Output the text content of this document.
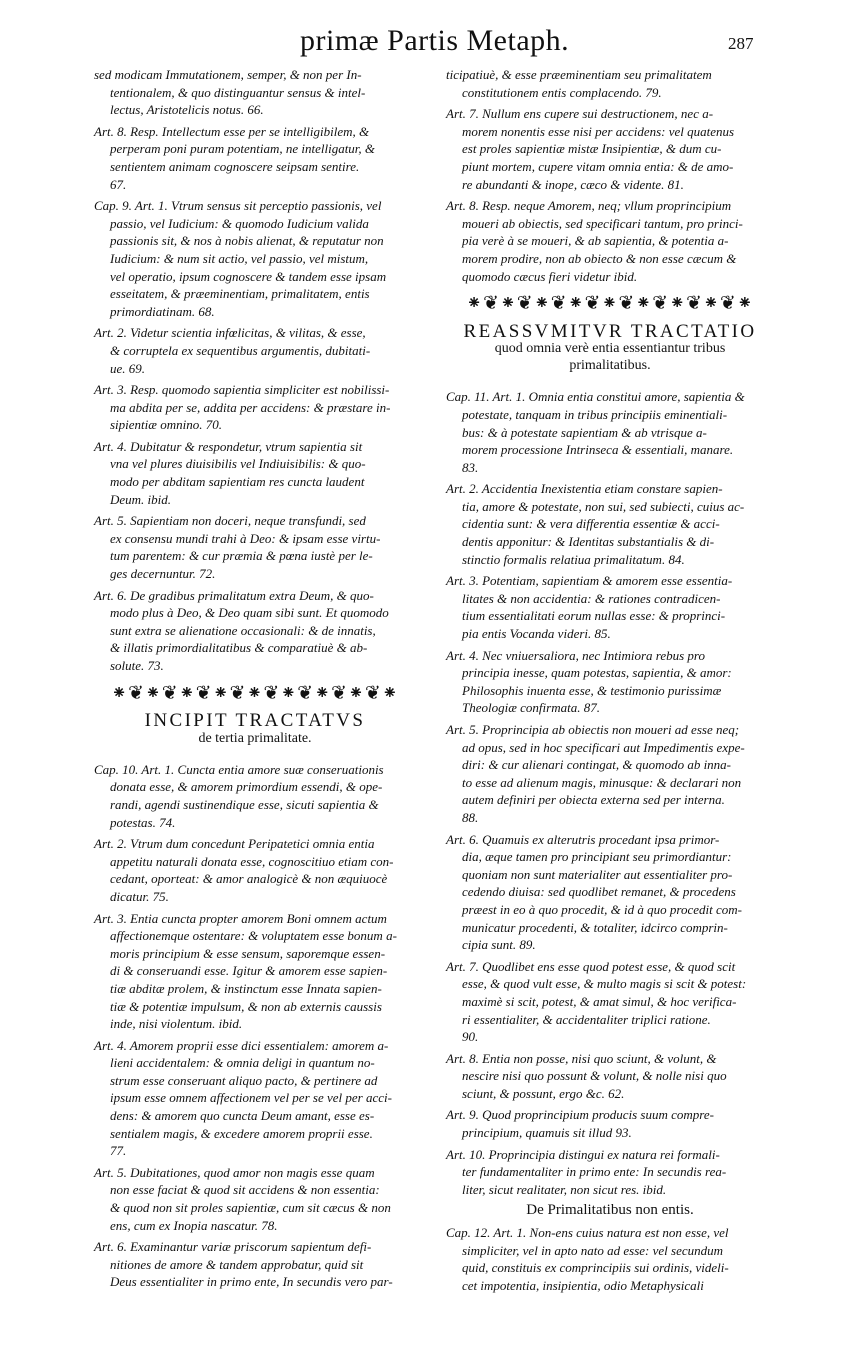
primæ Partis Metaph.	287

sed modicam Immutationem, semper, & non per In-
tentionalem, & quo distinguantur sensus & intel-
lectus, Aristotelicis notus. 66.

Art. 8. Resp. Intellectum esse per se intelligibilem, &
perperam poni puram potentiam, ne intelligatur, &
sentientem animam cognoscere seipsam sentire.
67.

Cap. 9. Art. 1. Vtrum sensus sit perceptio passionis, vel
passio, vel Iudicium: & quomodo Iudicium valida
passionis sit, & nos à nobis alienat, & reputatur non
Iudicium: & num sit actio, vel passio, vel mistum,
vel operatio, ipsum cognoscere & tandem esse ipsam
esseitatem, & præeminentiam, primalitatem, entis
primordiatinam. 68.

Art. 2. Videtur scientia infœlicitas, & vilitas, & esse,
& corruptela ex sequentibus argumentis, dubitati-
ue. 69.

Art. 3. Resp. quomodo sapientia simpliciter est nobilissi-
ma abdita per se, addita per accidens: & præstare in-
sipientiæ omnino. 70.

Art. 4. Dubitatur & respondetur, vtrum sapientia sit
vna vel plures diuisibilis vel Indiuisibilis: & quo-
modo per abditam sapientiam res cuncta laudent
Deum. ibid.

Art. 5. Sapientiam non doceri, neque transfundi, sed
ex consensu mundi trahi à Deo: & ipsam esse virtu-
tum parentem: & cur præmia & pœna iustè per le-
ges decernuntur. 72.

Art. 6. De gradibus primalitatum extra Deum, & quo-
modo plus à Deo, & Deo quam sibi sunt. Et quomodo
sunt extra se alienatione occasionali: & de innatis,
& illatis primordialitatibus & comparatiuè & ab-
solute. 73.

⁕❦⁕❦⁕❦⁕❦⁕❦⁕❦⁕❦⁕❦⁕
INCIPIT TRACTATVS
de tertia primalitate.

Cap. 10. Art. 1. Cuncta entia amore suæ conseruationis
donata esse, & amorem primordium essendi, & ope-
randi, agendi sustinendique esse, sicuti sapientia &
potestas. 74.

Art. 2. Vtrum dum concedunt Peripatetici omnia entia
appetitu naturali donata esse, cognoscitiuo etiam con-
cedant, oporteat: & amor analogicè & non æquiuocè
dicatur. 75.

Art. 3. Entia cuncta propter amorem Boni omnem actum
affectionemque ostentare: & voluptatem esse bonum a-
moris principium & esse sensum, saporemque essen-
di & conseruandi esse. Igitur & amorem esse sapien-
tiæ abditæ prolem, & instinctum esse Innata sapien-
tiæ & potentiæ impulsum, & non ab externis caussis
inde, nisi violentum. ibid.

Art. 4. Amorem proprii esse dici essentialem: amorem a-
lieni accidentalem: & omnia deligi in quantum no-
strum esse conseruant aliquo pacto, & pertinere ad
ipsum esse omnem affectionem vel per se vel per acci-
dens: & amorem quo cuncta Deum amant, esse es-
sentialem magis, & excedere amorem proprii esse.
77.

Art. 5. Dubitationes, quod amor non magis esse quam
non esse faciat & quod sit accidens & non essentia:
& quod non sit proles sapientiæ, cum sit cæcus & non
ens, cum ex Inopia nascatur. 78.

Art. 6. Examinantur variæ priscorum sapientum defi-
nitiones de amore & tandem approbatur, quid sit
Deus essentialiter in primo ente, In secundis vero par-

ticipatiuè, & esse præeminentiam seu primalitatem
constitutionem entis complacendo. 79.

Art. 7. Nullum ens cupere sui destructionem, nec a-
morem nonentis esse nisi per accidens: vel quatenus
est proles sapientiæ mistæ Insipientiæ, & dum cu-
piunt mortem, cupere vitam omnia entia: & de amo-
re abundanti & inope, cæco & vidente. 81.

Art. 8. Resp. neque Amorem, neq; vllum proprincipium
moueri ab obiectis, sed specificari tantum, pro princi-
pia verè à se moueri, & ab sapientia, & potentia a-
morem prodire, non ab obiecto & non esse cæcum &
quomodo cæcus fieri videtur ibid.

⁕❦⁕❦⁕❦⁕❦⁕❦⁕❦⁕❦⁕❦⁕
REASSVMITVR TRACTATIO
quod omnia verè entia essentiantur tribus
primalitatibus.

Cap. 11. Art. 1. Omnia entia constitui amore, sapientia &
potestate, tanquam in tribus principiis eminentiali-
bus: & à potestate sapientiam & ab vtrisque a-
morem processione Intrinseca & essentiali, manare.
83.

Art. 2. Accidentia Inexistentia etiam constare sapien-
tia, amore & potestate, non sui, sed subiecti, cuius ac-
cidentia sunt: & vera differentia essentiæ & acci-
dentis apponitur: & Identitas substantialis & di-
stinctio formalis relatiua primalitatum. 84.

Art. 3. Potentiam, sapientiam & amorem esse essentia-
litates & non accidentia: & rationes contradicen-
tium essentialitati eorum nullas esse: & proprinci-
pia entis Vocanda videri. 85.

Art. 4. Nec vniuersaliora, nec Intimiora rebus pro
principia inesse, quam potestas, sapientia, & amor:
Philosophis inuenta esse, & testimonio purissimæ
Theologiæ confirmata. 87.

Art. 5. Proprincipia ab obiectis non moueri ad esse neq;
ad opus, sed in hoc specificari aut Impedimentis expe-
diri: & cur alienari contingat, & quomodo ab inna-
to esse ad alienum magis, minusque: & declarari non
autem definiri per obiecta externa sed per interna.
88.

Art. 6. Quamuis ex alterutris procedant ipsa primor-
dia, æque tamen pro principiant seu primordiantur:
quoniam non sunt materialiter aut essentialiter pro-
cedendo diuisa: sed quodlibet remanet, & procedens
præest in eo à quo procedit, & id à quo procedit com-
municatur procedenti, & totaliter, idcirco comprin-
cipia sunt. 89.

Art. 7. Quodlibet ens esse quod potest esse, & quod scit
esse, & quod vult esse, & multo magis si scit & potest:
maximè si scit, potest, & amat simul, & hoc verifica-
ri essentialiter, & accidentaliter triplici ratione.
90.

Art. 8. Entia non posse, nisi quo sciunt, & volunt, &
nescire nisi quo possunt & volunt, & nolle nisi quo
sciunt, & possunt, ergo &c. 62.

Art. 9. Quod proprincipium producis suum compre-
principium, quamuis sit illud 93.

Art. 10. Proprincipia distingui ex natura rei formali-
ter fundamentaliter in primo ente: In secundis rea-
liter, sicut realitater, non sicut res. ibid.

De Primalitatibus non entis.

Cap. 12. Art. 1. Non-ens cuius natura est non esse, vel
simpliciter, vel in apto nato ad esse: vel secundum
quid, constituis ex comprincipiis sui ordinis, videli-
cet impotentia, insipientia, odio Metaphysicali
